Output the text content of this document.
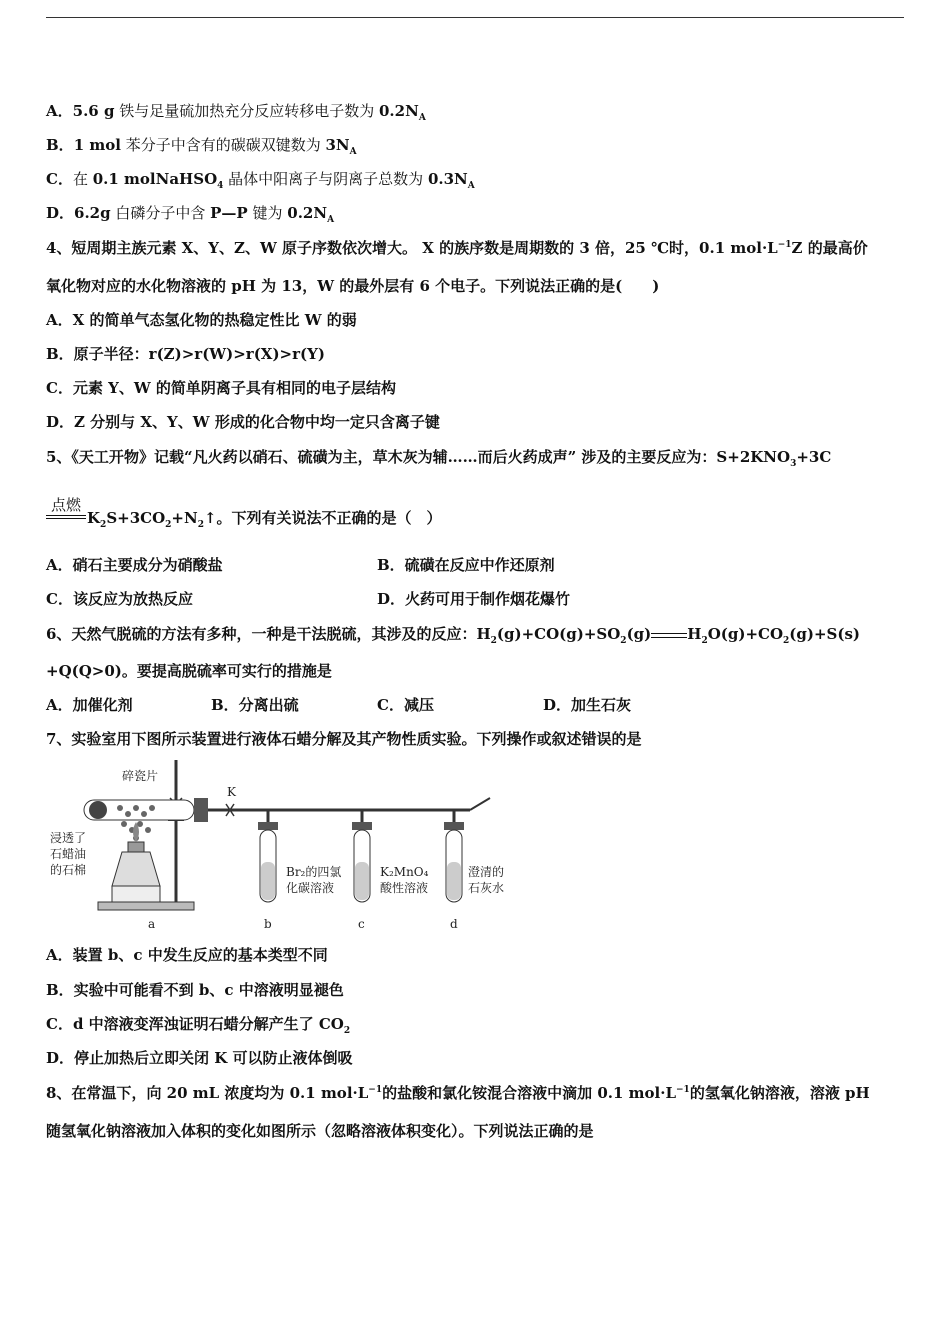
A．5.6 g 铁与足量硫加热充分反应转移电子数为 $0.2N_A$
B．1 mol 苯分子中含有的碳碳双键数为 $3N_A$
C．在 0.1 molNaHSO$_4$ 晶体中阳离子与阴离子总数为 $0.3N_A$
D．6.2g 白磷分子中含 P—P 键为 $0.2N_A$
4、短周期主族元素 X、Y、Z、W 原子序数依次增大。 X 的族序数是周期数的 3 倍，25 ℃时，0.1 $mol\cdot L^{-1}Z$ 的最高价
氧化物对应的水化物溶液的 pH 为 13，W 的最外层有 6 个电子。下列说法正确的是(　　)
A．X 的简单气态氢化物的热稳定性比 W 的弱
B．原子半径：r(Z)>r(W)>r(X)>r(Y)
C．元素 Y、W 的简单阴离子具有相同的电子层结构
D．Z 分别与 X、Y、W 形成的化合物中均一定只含离子键
5、《天工开物》记载“凡火药以硝石、硫磺为主，草木灰为辅……而后火药成声” 涉及的主要反应为：$S+2KNO_3+3C$
点燃
$K_2S+3CO_2+N_2↑$。下列有关说法不正确的是（　）
A．硝石主要成分为硝酸盐	B．硫磺在反应中作还原剂
C．该反应为放热反应	D．火药可用于制作烟花爆竹
6、天然气脱硫的方法有多种，一种是干法脱硫，其涉及的反应：$H_2(g)+CO(g)+SO_2(g)$ $H_2O(g)+CO_2(g)+S(s)$
+Q(Q>0)。要提高脱硫率可实行的措施是
A．加催化剂	B．分离出硫	C．减压	D．加生石灰
7、实验室用下图所示装置进行液体石蜡分解及其产物性质实验。下列操作或叙述错误的是
K
碎瓷片
浸透了
石蜡油
的石棉	Br₂的四氯
化碳溶液
K₂MnO₄
酸性溶液
澄清的
石灰水
a	b	c	d
A．装置 b、c 中发生反应的基本类型不同
B．实验中可能看不到 b、c 中溶液明显褪色
C．d 中溶液变浑浊证明石蜡分解产生了 $CO_2$
D．停止加热后立即关闭 K 可以防止液体倒吸
8、在常温下，向 20 mL 浓度均为 0.1 $mol\cdot L^{-1}$的盐酸和氯化铵混合溶液中滴加 0.1 $mol\cdot L^{-1}$的氢氧化钠溶液，溶液 pH
随氢氧化钠溶液加入体积的变化如图所示（忽略溶液体积变化）。下列说法正确的是
